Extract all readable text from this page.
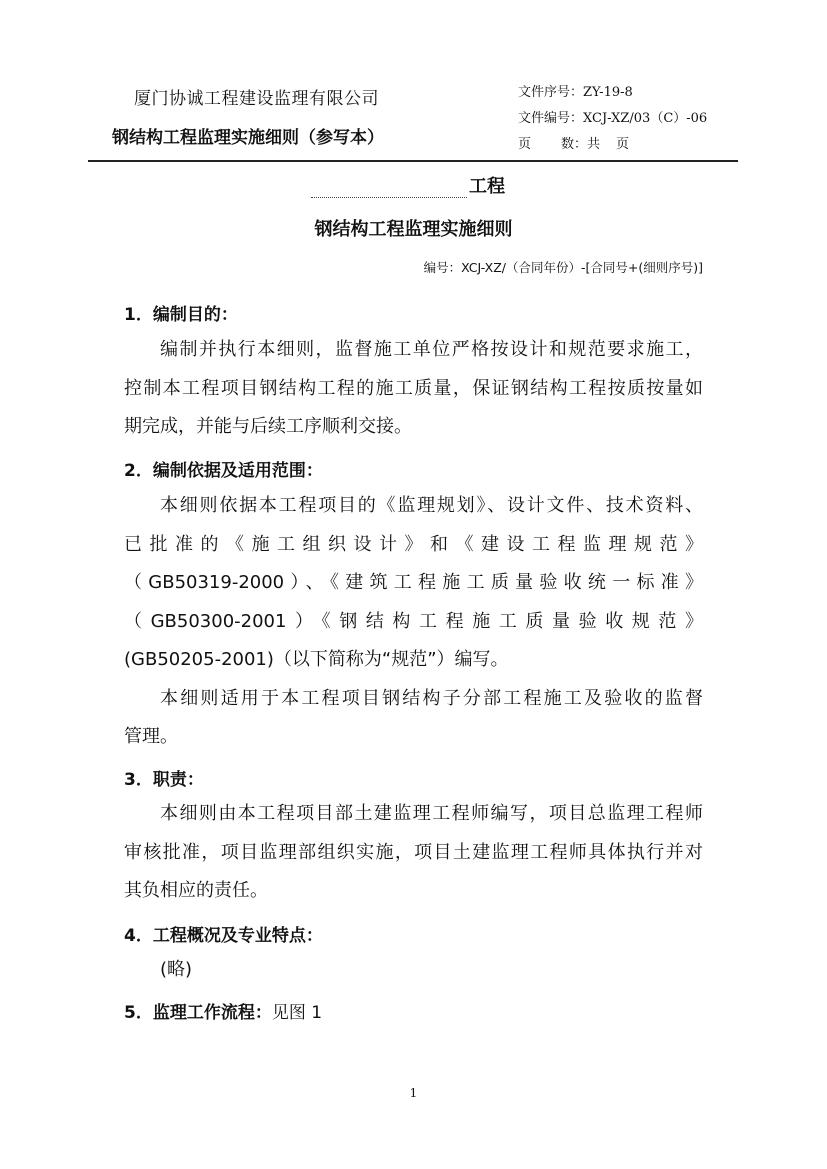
厦门协诚工程建设监理有限公司
钢结构工程监理实施细则（参写本）
文件序号：ZY-19-8
文件编号：XCJ-XZ/03（C）-06
页 数：共 页
工程
钢结构工程监理实施细则
编号：XCJ-XZ/（合同年份）-[合同号+(细则序号)]
1．编制目的：

编制并执行本细则，监督施工单位严格按设计和规范要求施工，

控制本工程项目钢结构工程的施工质量，保证钢结构工程按质按量如

期完成，并能与后续工序顺利交接。

2．编制依据及适用范围：

本细则依据本工程项目的《监理规划》、设计文件、技术资料、

已批准的《施工组织设计》和《建设工程监理规范》

（GB50319-2000）、《建筑工程施工质量验收统一标准》

（GB50300-2001）《钢结构工程施工质量验收规范》

(GB50205-2001)（以下简称为“规范”）编写。

本细则适用于本工程项目钢结构子分部工程施工及验收的监督

管理。

3．职责：

本细则由本工程项目部土建监理工程师编写，项目总监理工程师

审核批准，项目监理部组织实施，项目土建监理工程师具体执行并对

其负相应的责任。

4．工程概况及专业特点：

(略)

5．监理工作流程：见图 1
1
